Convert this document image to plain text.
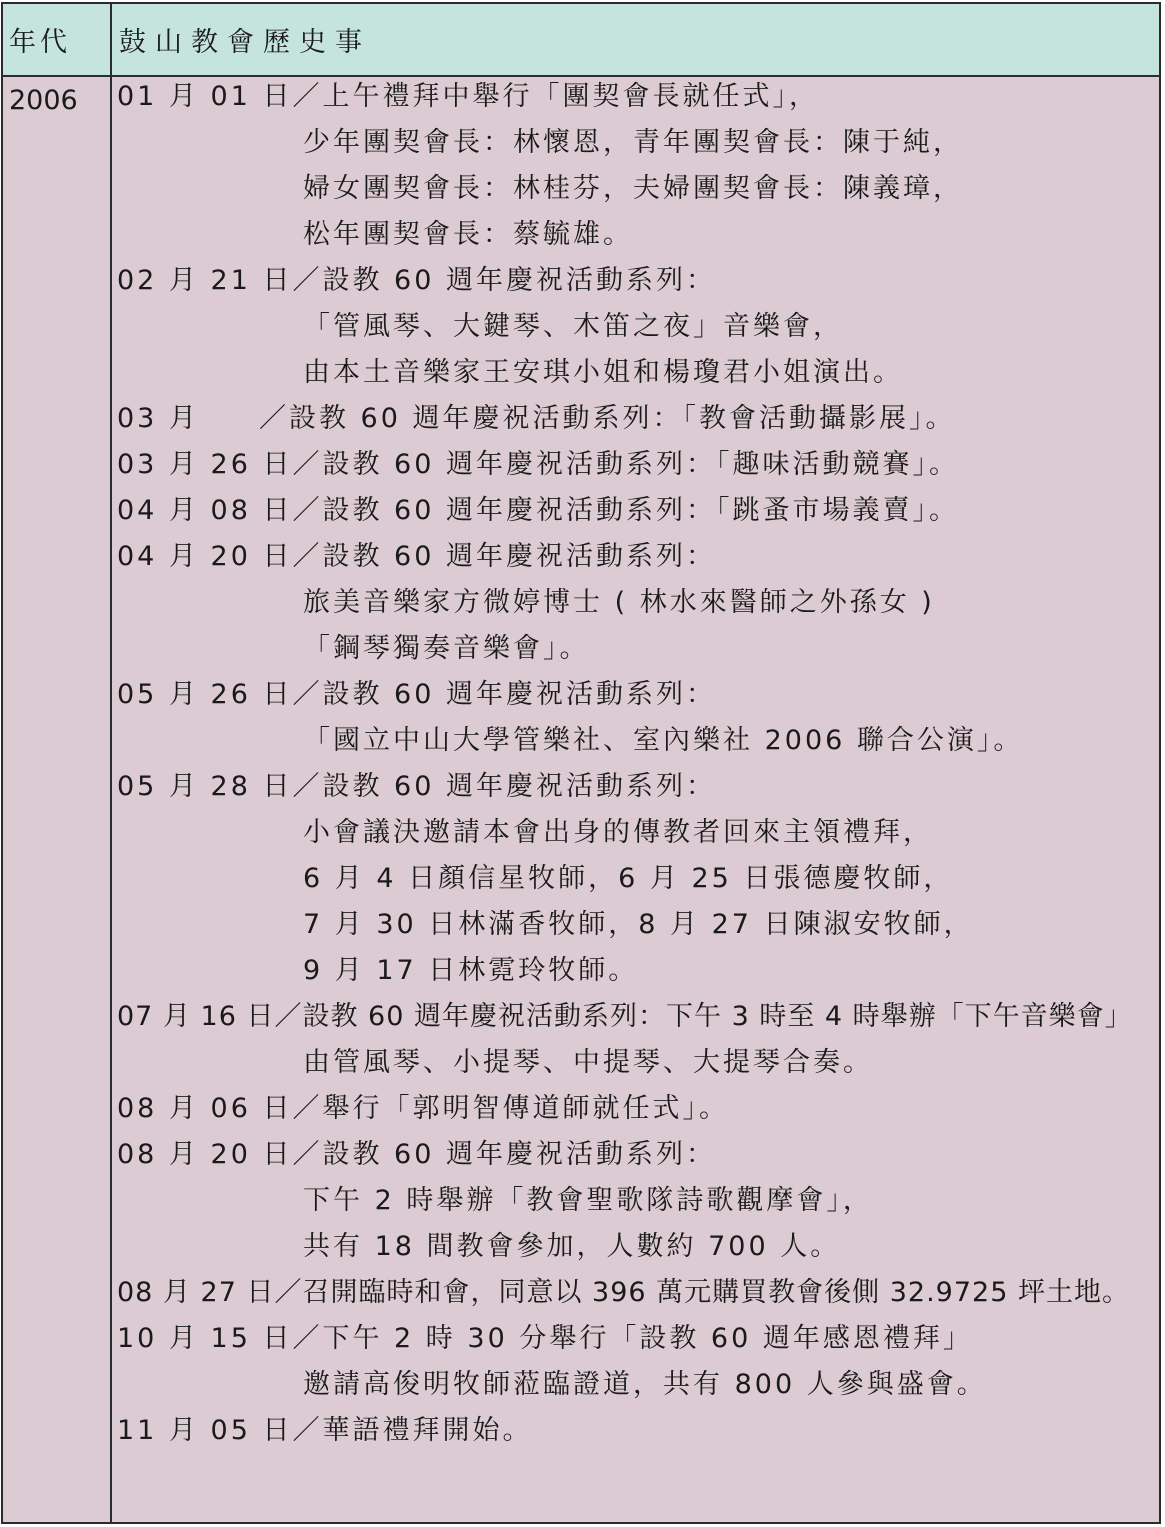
年代 鼓山教會歷史事
2006 01 月 01 日／上午禮拜中舉行「團契會長就任式」，
少年團契會長：林懷恩，青年團契會長：陳于純，
婦女團契會長：林桂芬，夫婦團契會長：陳義璋，
松年團契會長：蔡毓雄。
02 月 21 日／設教 60 週年慶祝活動系列：
「管風琴、大鍵琴、木笛之夜」音樂會，
由本土音樂家王安琪小姐和楊瓊君小姐演出。
03 月　　／設教 60 週年慶祝活動系列：「教會活動攝影展」。
03 月 26 日／設教 60 週年慶祝活動系列：「趣味活動競賽」。
04 月 08 日／設教 60 週年慶祝活動系列：「跳蚤市場義賣」。
04 月 20 日／設教 60 週年慶祝活動系列：
旅美音樂家方微婷博士 ( 林水來醫師之外孫女 )
「鋼琴獨奏音樂會」。
05 月 26 日／設教 60 週年慶祝活動系列：
「國立中山大學管樂社、室內樂社 2006 聯合公演」。
05 月 28 日／設教 60 週年慶祝活動系列：
小會議決邀請本會出身的傳教者回來主領禮拜，
6 月 4 日顏信星牧師，6 月 25 日張德慶牧師，
7 月 30 日林滿香牧師，8 月 27 日陳淑安牧師，
9 月 17 日林霓玲牧師。
07 月 16 日／設教 60 週年慶祝活動系列：下午 3 時至 4 時舉辦「下午音樂會」
由管風琴、小提琴、中提琴、大提琴合奏。
08 月 06 日／舉行「郭明智傳道師就任式」。
08 月 20 日／設教 60 週年慶祝活動系列：
下午 2 時舉辦「教會聖歌隊詩歌觀摩會」，
共有 18 間教會參加，人數約 700 人。
08 月 27 日／召開臨時和會，同意以 396 萬元購買教會後側 32.9725 坪土地。
10 月 15 日／下午 2 時 30 分舉行「設教 60 週年感恩禮拜」
邀請高俊明牧師蒞臨證道，共有 800 人參與盛會。
11 月 05 日／華語禮拜開始。
